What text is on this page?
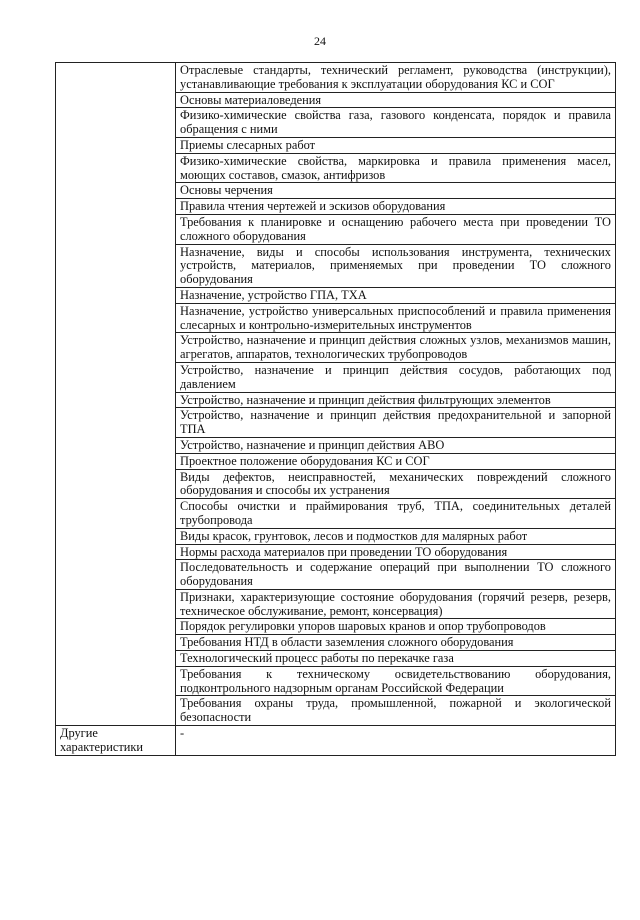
24
	Отраслевые стандарты, технический регламент, руководства (инструкции), устанавливающие требования к эксплуатации оборудования КС и СОГ
	Основы материаловедения
	Физико-химические свойства газа, газового конденсата, порядок и правила обращения с ними
	Приемы слесарных работ
	Физико-химические свойства, маркировка и правила применения масел, моющих составов, смазок, антифризов
	Основы черчения
	Правила чтения чертежей и эскизов оборудования
	Требования к планировке и оснащению рабочего места при проведении ТО сложного оборудования
	Назначение, виды и способы использования инструмента, технических устройств, материалов, применяемых при проведении ТО сложного оборудования
	Назначение, устройство ГПА, ТХА
	Назначение, устройство универсальных приспособлений и правила применения слесарных и контрольно-измерительных инструментов
	Устройство, назначение и принцип действия сложных узлов, механизмов машин, агрегатов, аппаратов, технологических трубопроводов
	Устройство, назначение и принцип действия сосудов, работающих под давлением
	Устройство, назначение и принцип действия фильтрующих элементов
	Устройство, назначение и принцип действия предохранительной и запорной ТПА
	Устройство, назначение и принцип действия АВО
	Проектное положение оборудования КС и СОГ
	Виды дефектов, неисправностей, механических повреждений сложного оборудования и способы их устранения
	Способы очистки и праймирования труб, ТПА, соединительных деталей трубопровода
	Виды красок, грунтовок, лесов и подмостков для малярных работ
	Нормы расхода материалов при проведении ТО оборудования
	Последовательность и содержание операций при выполнении ТО сложного оборудования
	Признаки, характеризующие состояние оборудования (горячий резерв, резерв, техническое обслуживание, ремонт, консервация)
	Порядок регулировки упоров шаровых кранов и опор трубопроводов
	Требования НТД в области заземления сложного оборудования
	Технологический процесс работы по перекачке газа
	Требования к техническому освидетельствованию оборудования, подконтрольного надзорным органам Российской Федерации
	Требования охраны труда, промышленной, пожарной и экологической безопасности
Другие характеристики	-
